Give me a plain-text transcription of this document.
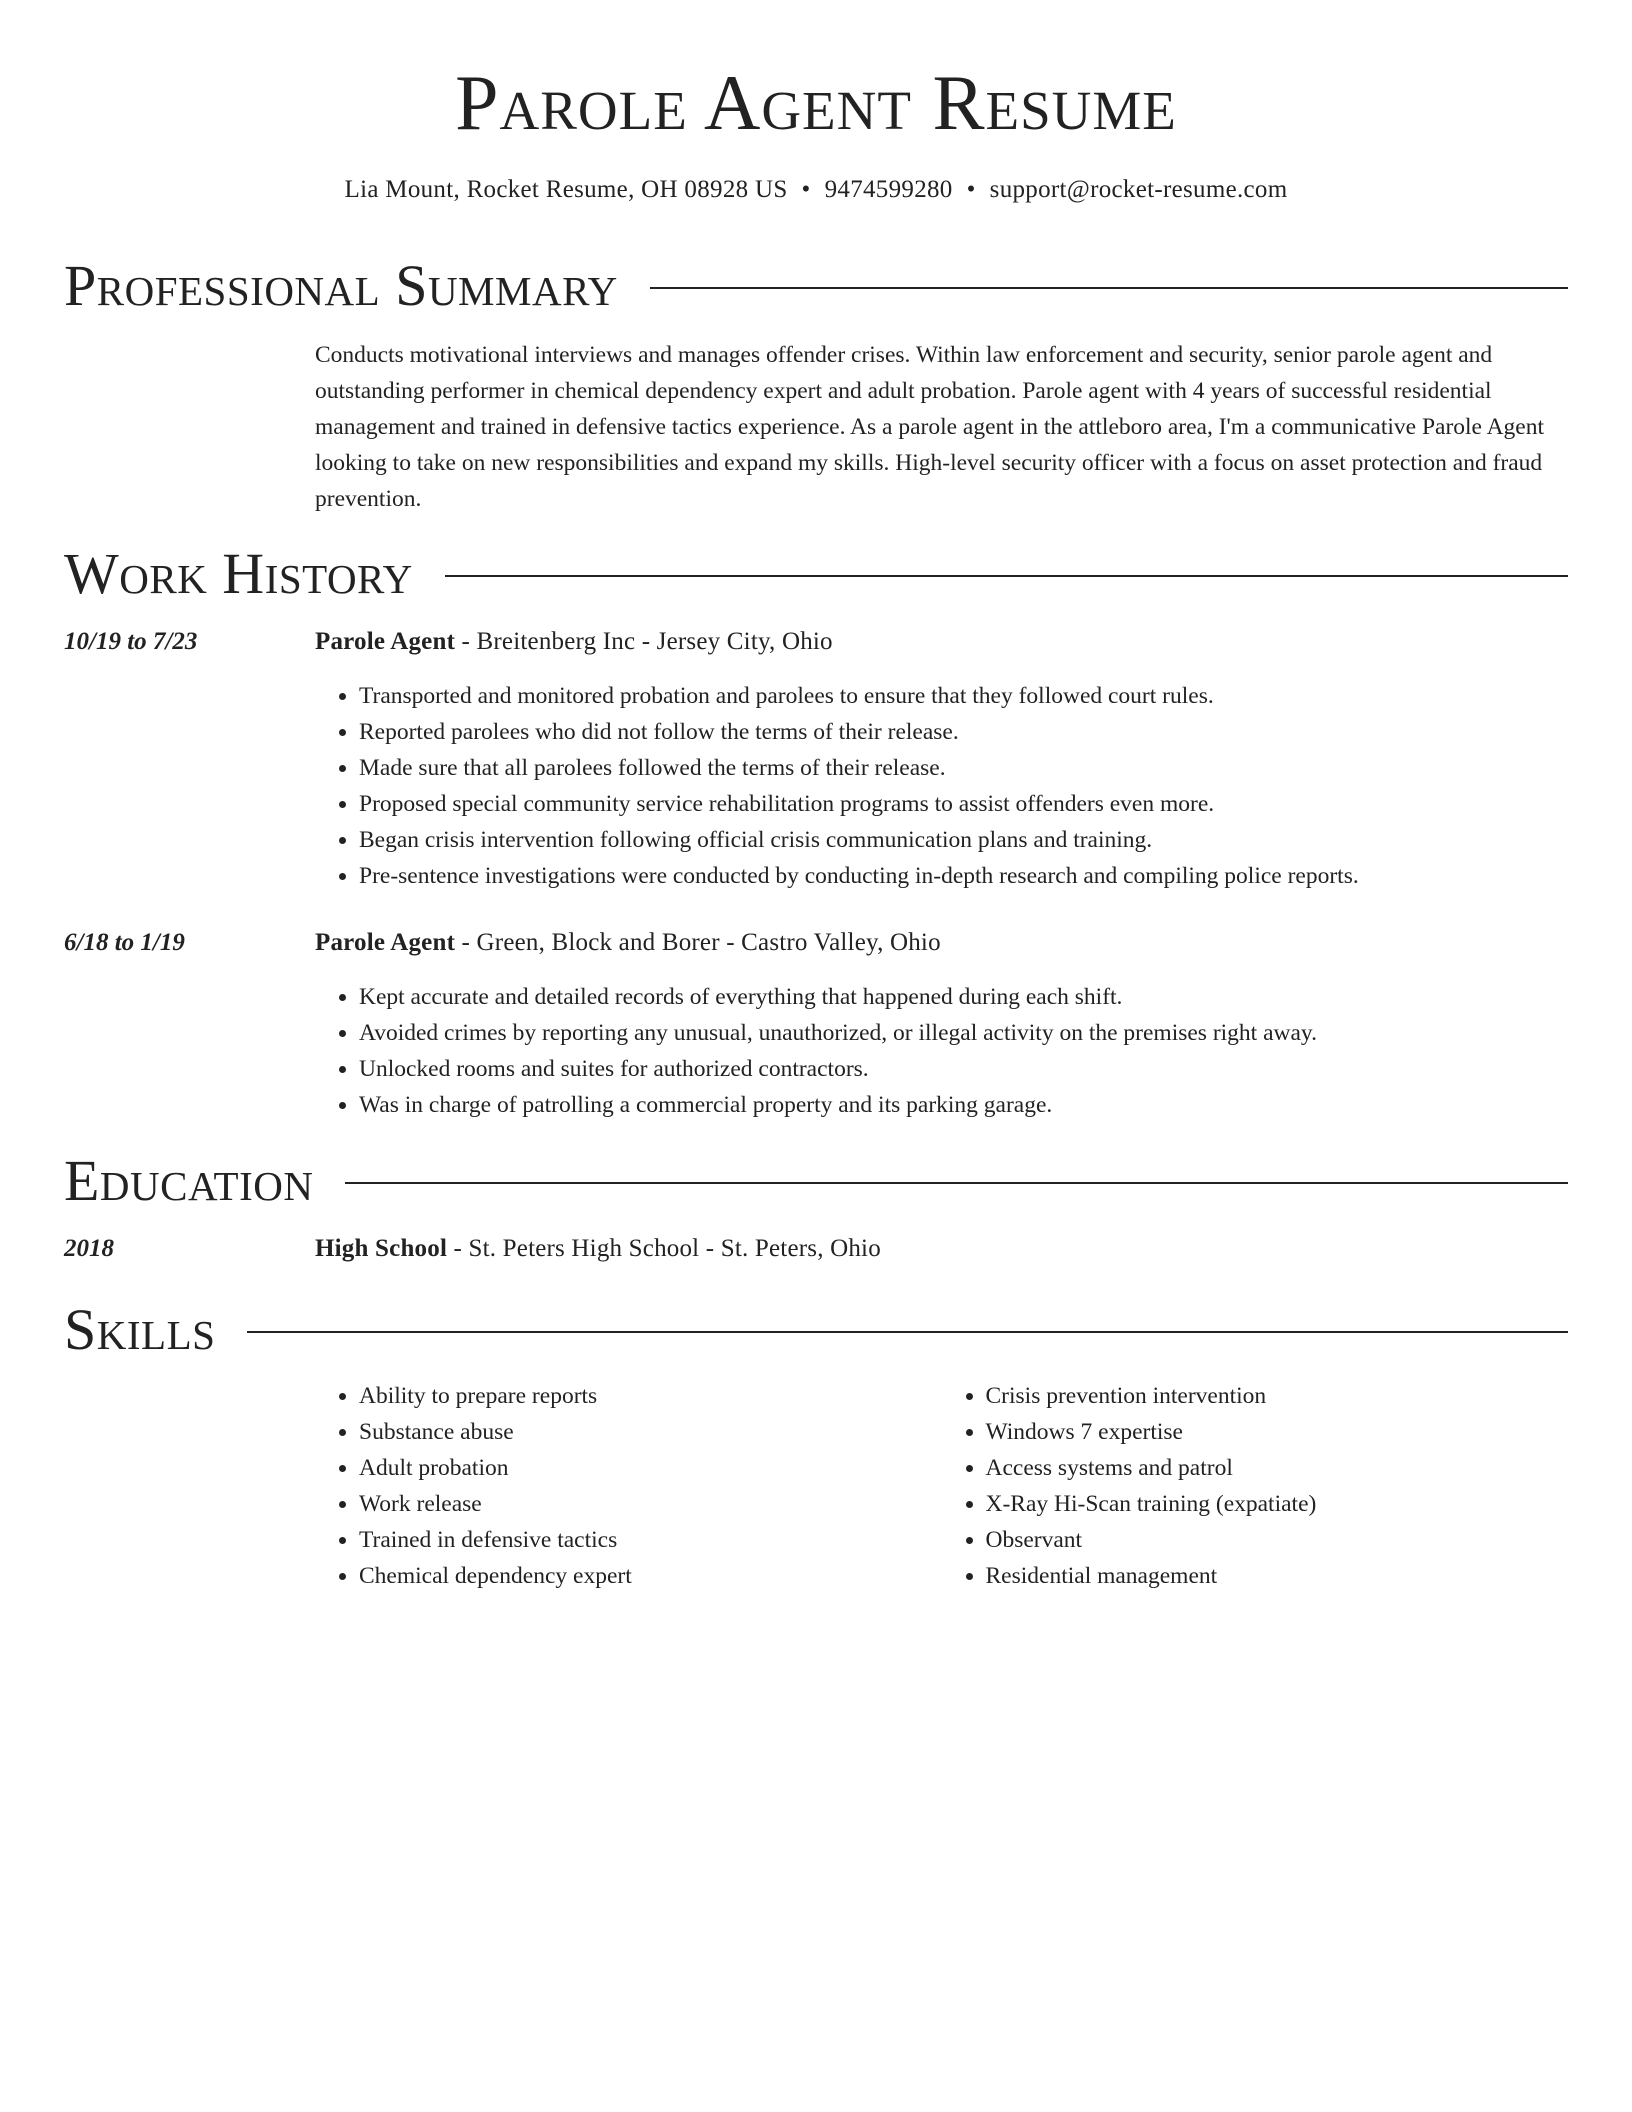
Parole Agent Resume
Lia Mount, Rocket Resume, OH 08928 US • 9474599280 • support@rocket-resume.com
Professional Summary

Conducts motivational interviews and manages offender crises. Within law enforcement and security, senior parole agent and outstanding performer in chemical dependency expert and adult probation. Parole agent with 4 years of successful residential management and trained in defensive tactics experience. As a parole agent in the attleboro area, I'm a communicative Parole Agent looking to take on new responsibilities and expand my skills. High-level security officer with a focus on asset protection and fraud prevention.

Work History
10/19 to 7/23	Parole Agent - Breitenberg Inc - Jersey City, Ohio
• Transported and monitored probation and parolees to ensure that they followed court rules.
• Reported parolees who did not follow the terms of their release.
• Made sure that all parolees followed the terms of their release.
• Proposed special community service rehabilitation programs to assist offenders even more.
• Began crisis intervention following official crisis communication plans and training.
• Pre-sentence investigations were conducted by conducting in-depth research and compiling police reports.
6/18 to 1/19	Parole Agent - Green, Block and Borer - Castro Valley, Ohio
• Kept accurate and detailed records of everything that happened during each shift.
• Avoided crimes by reporting any unusual, unauthorized, or illegal activity on the premises right away.
• Unlocked rooms and suites for authorized contractors.
• Was in charge of patrolling a commercial property and its parking garage.
Education
2018	High School - St. Peters High School - St. Peters, Ohio
Skills
• Ability to prepare reports
• Substance abuse
• Adult probation
• Work release
• Trained in defensive tactics
• Chemical dependency expert
• Crisis prevention intervention
• Windows 7 expertise
• Access systems and patrol
• X-Ray Hi-Scan training (expatiate)
• Observant
• Residential management
